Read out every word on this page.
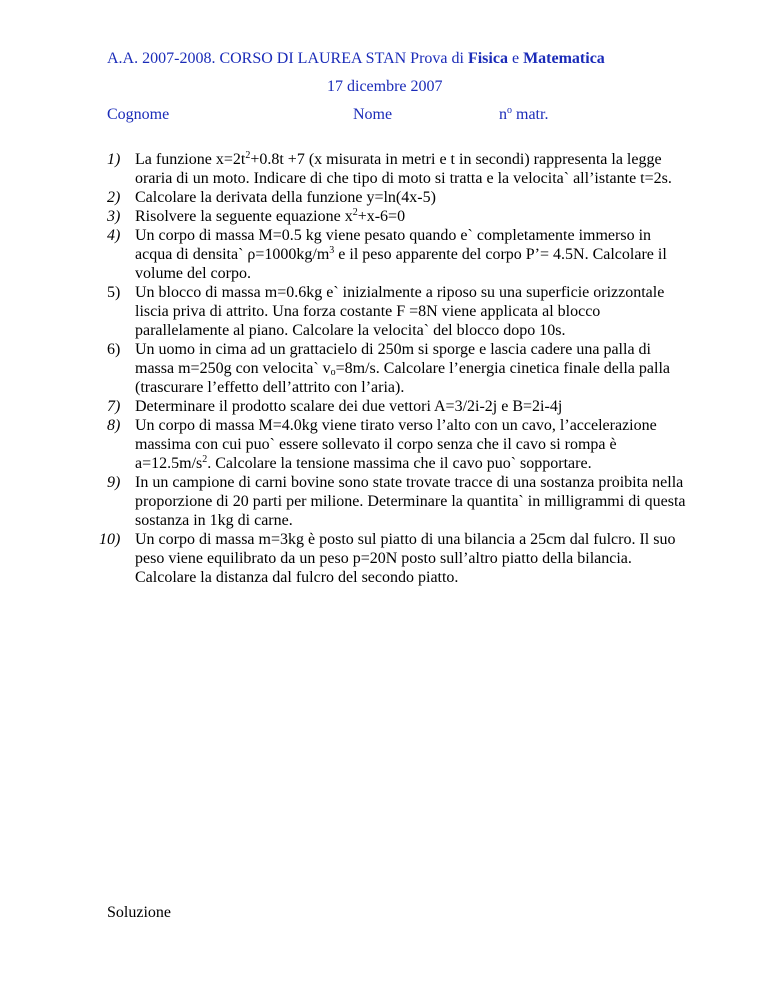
A.A. 2007-2008. CORSO DI LAUREA STAN Prova di Fisica e Matematica
17 dicembre 2007
Cognome	Nome	$n^o$ matr.
1) La funzione $x=2t^2+0.8t +7$ (x misurata in metri e t in secondi) rappresenta la legge oraria di un moto. Indicare di che tipo di moto si tratta e la velocita` all’istante t=2s.
2) Calcolare la derivata della funzione y=ln(4x-5)
3) Risolvere la seguente equazione $x^2+x-6=0$
4) Un corpo di massa M=0.5 kg viene pesato quando e` completamente immerso in acqua di densita` $\rho=1000kg/m^3$ e il peso apparente del corpo P’= 4.5N. Calcolare il volume del corpo.
5) Un blocco di massa m=0.6kg e` inizialmente a riposo su una superficie orizzontale liscia priva di attrito. Una forza costante F =8N viene applicata al blocco parallelamente al piano. Calcolare la velocita` del blocco dopo 10s.
6) Un uomo in cima ad un grattacielo di 250m si sporge e lascia cadere una palla di massa m=250g con velocita` $v_o=8m/s$. Calcolare l’energia cinetica finale della palla (trascurare l’effetto dell’attrito con l’aria).
7) Determinare il prodotto scalare dei due vettori A=3/2i-2j e B=2i-4j
8) Un corpo di massa M=4.0kg viene tirato verso l’alto con un cavo, l’accelerazione massima con cui puo` essere sollevato il corpo senza che il cavo si rompa è $a=12.5m/s^2$. Calcolare la tensione massima che il cavo puo` sopportare.
9) In un campione di carni bovine sono state trovate tracce di una sostanza proibita nella proporzione di 20 parti per milione. Determinare la quantita` in milligrammi di questa sostanza in 1kg di carne.
10) Un corpo di massa m=3kg è posto sul piatto di una bilancia a 25cm dal fulcro. Il suo peso viene equilibrato da un peso p=20N posto sull’altro piatto della bilancia. Calcolare la distanza dal fulcro del secondo piatto.
Soluzione
